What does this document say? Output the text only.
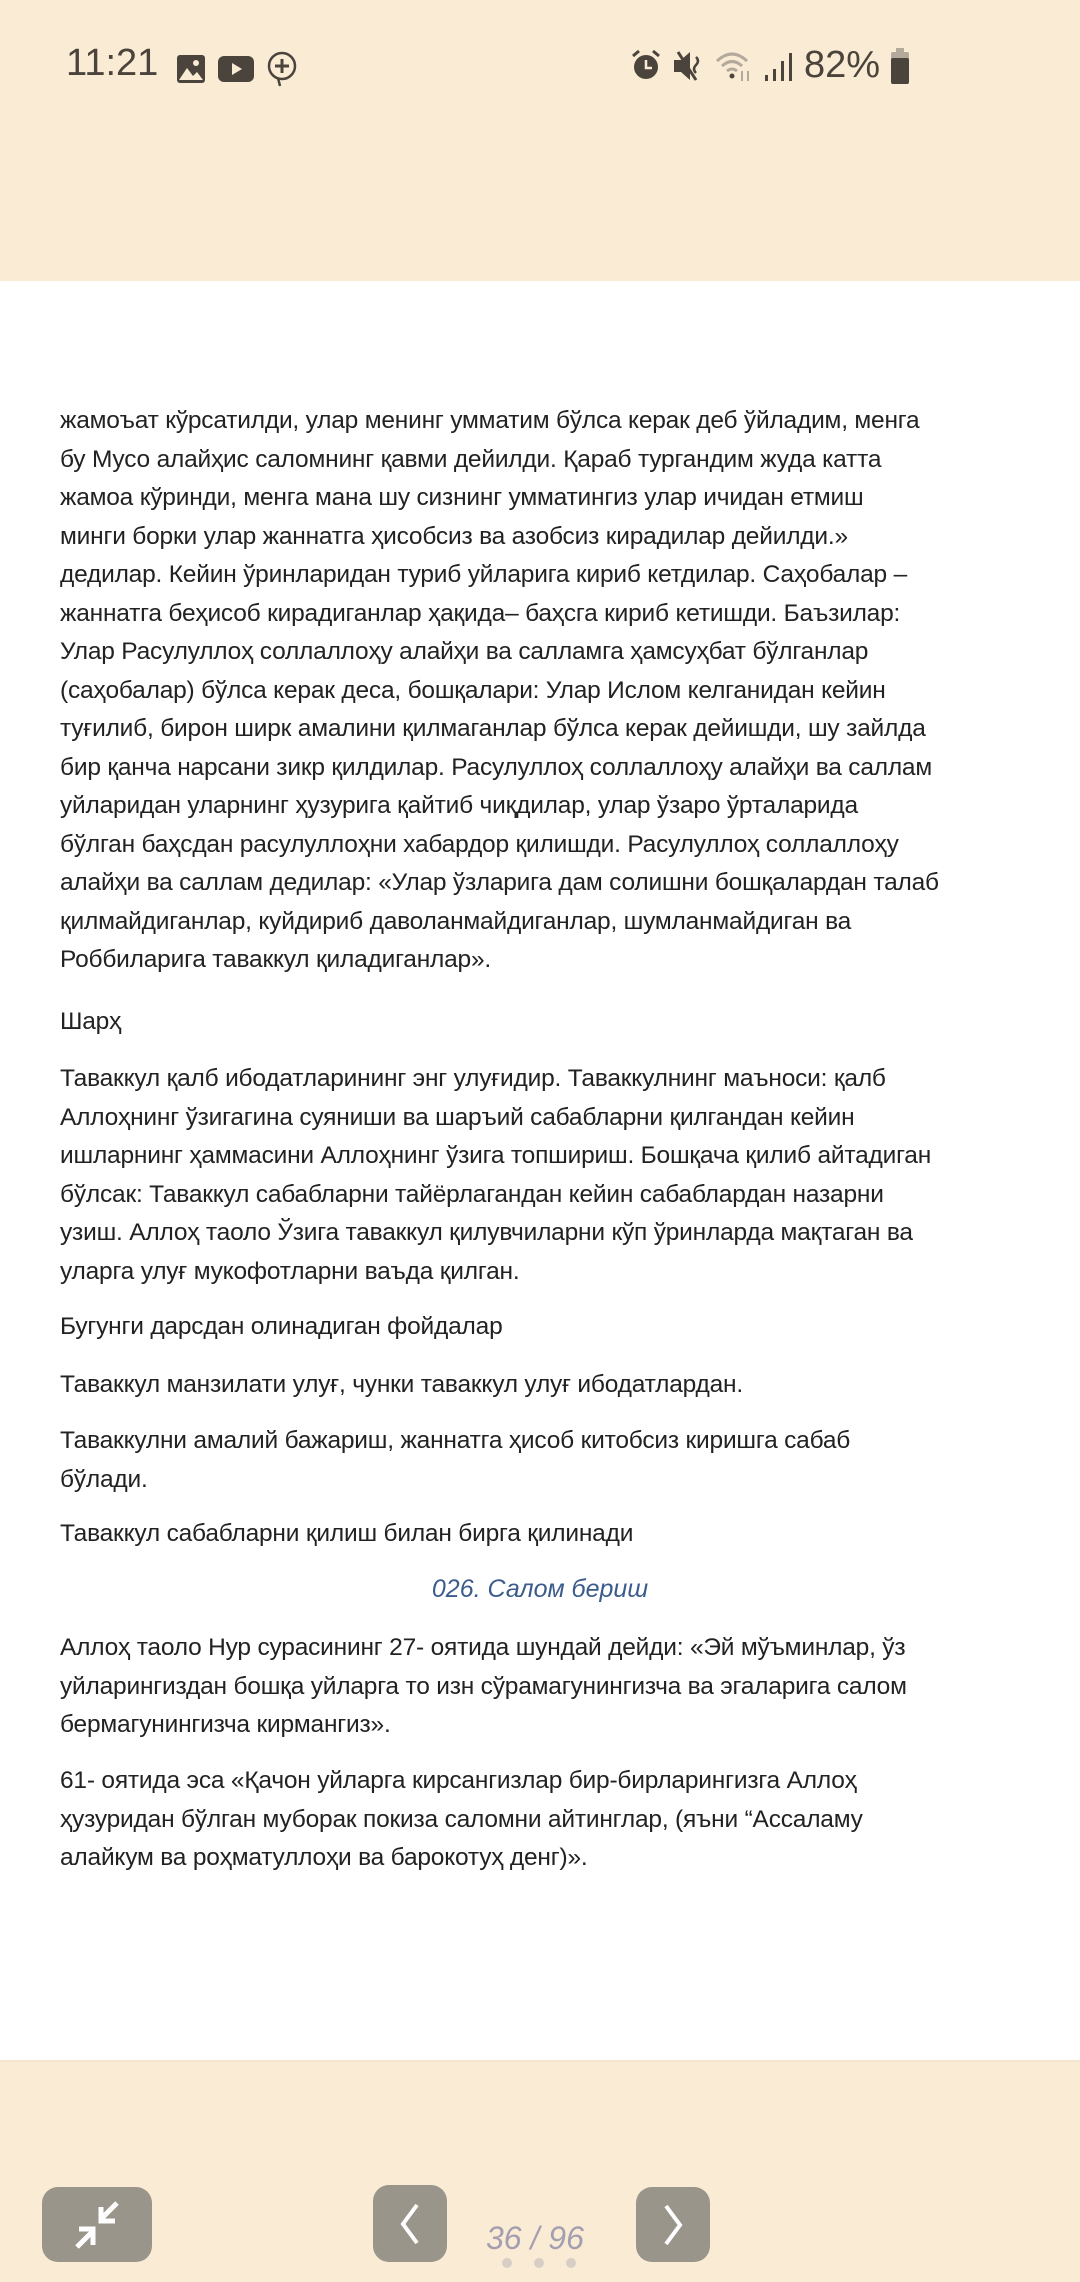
11:21	82%
жамоъат кўрсатилди, улар менинг умматим бўлса керак деб ўйладим, менга
бу Мусо алайҳис саломнинг қавми дейилди. Қараб тургандим жуда катта
жамоа кўринди, менга мана шу сизнинг умматингиз улар ичидан етмиш
минги борки улар жаннатга ҳисобсиз ва азобсиз кирадилар дейилди.»
дедилар. Кейин ўринларидан туриб уйларига кириб кетдилар. Саҳобалар –
жаннатга беҳисоб кирадиганлар ҳақида– баҳсга кириб кетишди. Баъзилар:
Улар Расулуллоҳ соллаллоҳу алайҳи ва салламга ҳамсуҳбат бўлганлар
(саҳобалар) бўлса керак деса, бошқалари: Улар Ислом келганидан кейин
туғилиб, бирон ширк амалини қилмаганлар бўлса керак дейишди, шу зайлда
бир қанча нарсани зикр қилдилар. Расулуллоҳ соллаллоҳу алайҳи ва саллам
уйларидан уларнинг ҳузурига қайтиб чиқдилар, улар ўзаро ўрталарида
бўлган баҳсдан расулуллоҳни хабардор қилишди. Расулуллоҳ соллаллоҳу
алайҳи ва саллам дедилар: «Улар ўзларига дам солишни бошқалардан талаб
қилмайдиганлар, куйдириб даволанмайдиганлар, шумланмайдиган ва
Роббиларига таваккул қиладиганлар».
Шарҳ
Таваккул қалб ибодатларининг энг улуғидир. Таваккулнинг маъноси: қалб
Аллоҳнинг ўзигагина суяниши ва шаръий сабабларни қилгандан кейин
ишларнинг ҳаммасини Аллоҳнинг ўзига топшириш. Бошқача қилиб айтадиган
бўлсак: Таваккул сабабларни тайёрлагандан кейин сабаблардан назарни
узиш. Аллоҳ таоло Ўзига таваккул қилувчиларни кўп ўринларда мақтаган ва
уларга улуғ мукофотларни ваъда қилган.
Бугунги дарсдан олинадиган фойдалар
Таваккул манзилати улуғ, чунки таваккул улуғ ибодатлардан.
Таваккулни амалий бажариш, жаннатга ҳисоб китобсиз киришга сабаб
бўлади.
Таваккул сабабларни қилиш билан бирга қилинади
Аллоҳ таоло Нур сурасининг 27- оятида шундай дейди: «Эй мўъминлар, ўз
уйларингиздан бошқа уйларга то изн сўрамагунингизча ва эгаларига салом
бермагунингизча кирмангиз».
61- оятида эса «Қачон уйларга кирсангизлар бир-бирларингизга Аллоҳ
ҳузуридан бўлган муборак покиза саломни айтинглар, (яъни “Ассаламу
алайкум ва роҳматуллоҳи ва барокотуҳ денг)».
026. Салом бериш
36 / 96
